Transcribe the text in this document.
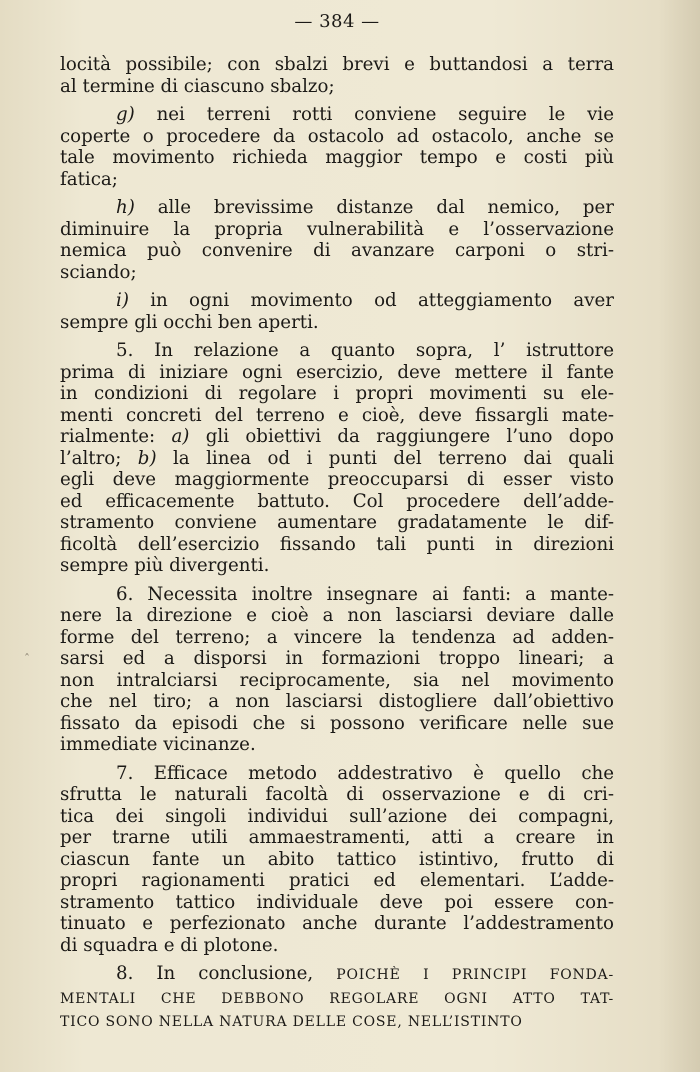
— 384 —
locità possibile; con sbalzi brevi e buttandosi a terra
al termine di ciascuno sbalzo;
g) nei terreni rotti conviene seguire le vie
coperte o procedere da ostacolo ad ostacolo, anche se
tale movimento richieda maggior tempo e costi più
fatica;
h) alle brevissime distanze dal nemico, per
diminuire la propria vulnerabilità e l’osservazione
nemica può convenire di avanzare carponi o stri-
sciando;
i) in ogni movimento od atteggiamento aver
sempre gli occhi ben aperti.
5. In relazione a quanto sopra, l’ istruttore
prima di iniziare ogni esercizio, deve mettere il fante
in condizioni di regolare i propri movimenti su ele-
menti concreti del terreno e cioè, deve fissargli mate-
rialmente: a) gli obiettivi da raggiungere l’uno dopo
l’altro; b) la linea od i punti del terreno dai quali
egli deve maggiormente preoccuparsi di esser visto
ed efficacemente battuto. Col procedere dell’adde-
stramento conviene aumentare gradatamente le dif-
ficoltà dell’esercizio fissando tali punti in direzioni
sempre più divergenti.
6. Necessita inoltre insegnare ai fanti: a mante-
nere la direzione e cioè a non lasciarsi deviare dalle
forme del terreno; a vincere la tendenza ad adden-
sarsi ed a disporsi in formazioni troppo lineari; a
non intralciarsi reciprocamente, sia nel movimento
che nel tiro; a non lasciarsi distogliere dall’obiettivo
fissato da episodi che si possono verificare nelle sue
immediate vicinanze.
7. Efficace metodo addestrativo è quello che
sfrutta le naturali facoltà di osservazione e di cri-
tica dei singoli individui sull’azione dei compagni,
per trarne utili ammaestramenti, atti a creare in
ciascun fante un abito tattico istintivo, frutto di
propri ragionamenti pratici ed elementari. L’adde-
stramento tattico individuale deve poi essere con-
tinuato e perfezionato anche durante l’addestramento
di squadra e di plotone.
8. In conclusione, POICHÈ I PRINCIPI FONDA-
MENTALI CHE DEBBONO REGOLARE OGNI ATTO TAT-
TICO SONO NELLA NATURA DELLE COSE, NELL’ISTINTO
ˆ
